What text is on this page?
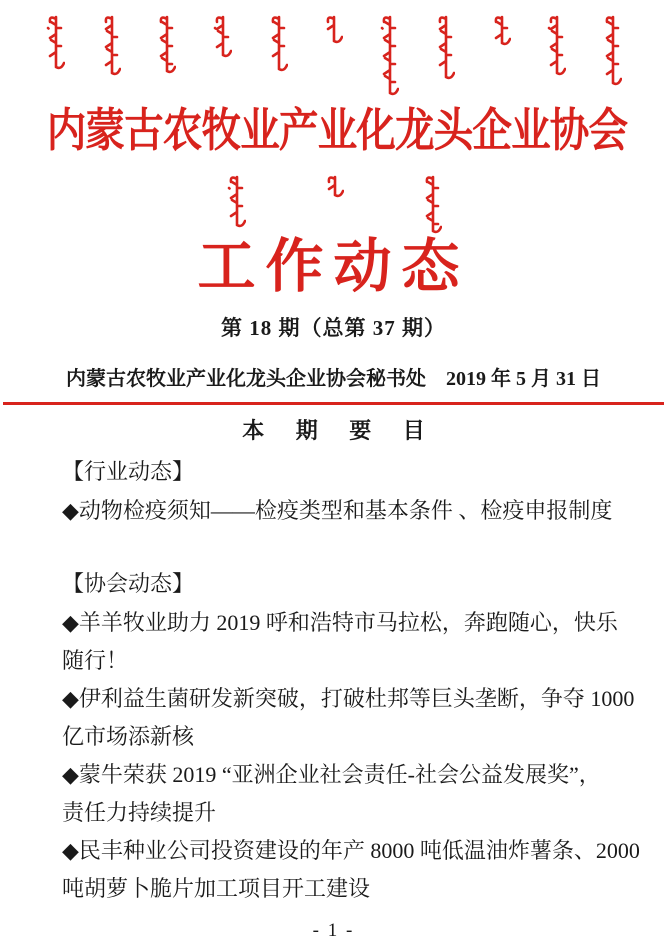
内蒙古农牧业产业化龙头企业协会
工作动态
第 18 期（总第 37 期）
内蒙古农牧业产业化龙头企业协会秘书处 2019 年 5 月 31 日
本 期 要 目
【行业动态】
◆动物检疫须知——检疫类型和基本条件 、检疫申报制度
【协会动态】
◆羊羊牧业助力 2019 呼和浩特市马拉松，奔跑随心，快乐
随行！
◆伊利益生菌研发新突破，打破杜邦等巨头垄断，争夺 1000
亿市场添新核
◆蒙牛荣获 2019 “亚洲企业社会责任-社会公益发展奖”，
责任力持续提升
◆民丰种业公司投资建设的年产 8000 吨低温油炸薯条、2000
吨胡萝卜脆片加工项目开工建设
- 1 -
